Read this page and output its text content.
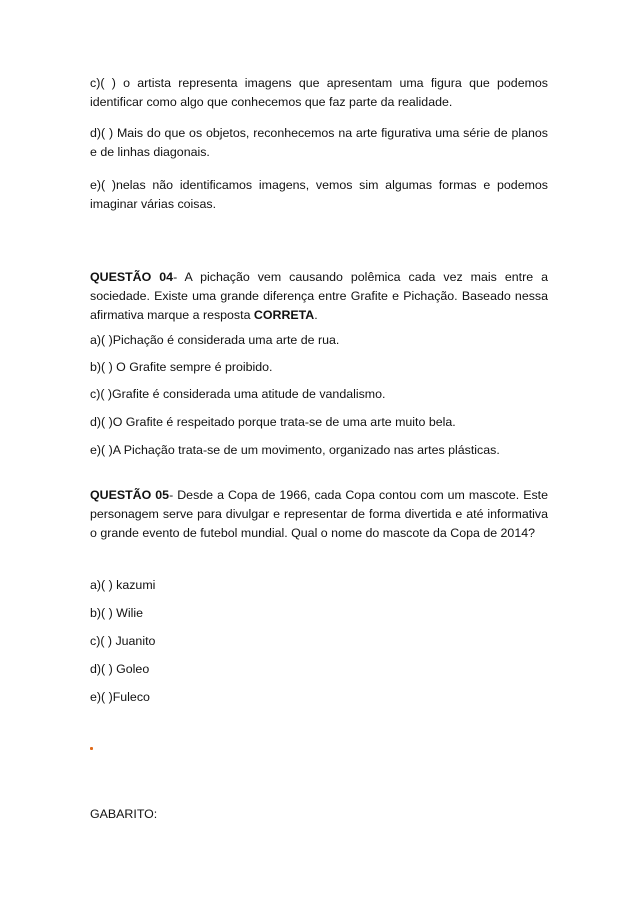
c)( ) o artista representa imagens que apresentam uma figura que podemos identificar como algo que conhecemos que faz parte da realidade.

d)( ) Mais do que os objetos, reconhecemos na arte figurativa uma série de planos e de linhas diagonais.

e)( )nelas não identificamos imagens, vemos sim algumas formas e podemos imaginar várias coisas.

QUESTÃO 04- A pichação vem causando polêmica cada vez mais entre a sociedade. Existe uma grande diferença entre Grafite e Pichação. Baseado nessa afirmativa marque a resposta CORRETA.

a)( )Pichação é considerada uma arte de rua.

b)( ) O Grafite sempre é proibido.

c)( )Grafite é considerada uma atitude de vandalismo.

d)( )O Grafite é respeitado porque trata-se de uma arte muito bela.

e)( )A Pichação trata-se de um movimento, organizado nas artes plásticas.

QUESTÃO 05- Desde a Copa de 1966, cada Copa contou com um mascote. Este personagem serve para divulgar e representar de forma divertida e até informativa o grande evento de futebol mundial. Qual o nome do mascote da Copa de 2014?

a)( ) kazumi

b)( ) Wilie

c)( ) Juanito

d)( ) Goleo

e)( )Fuleco

GABARITO:
